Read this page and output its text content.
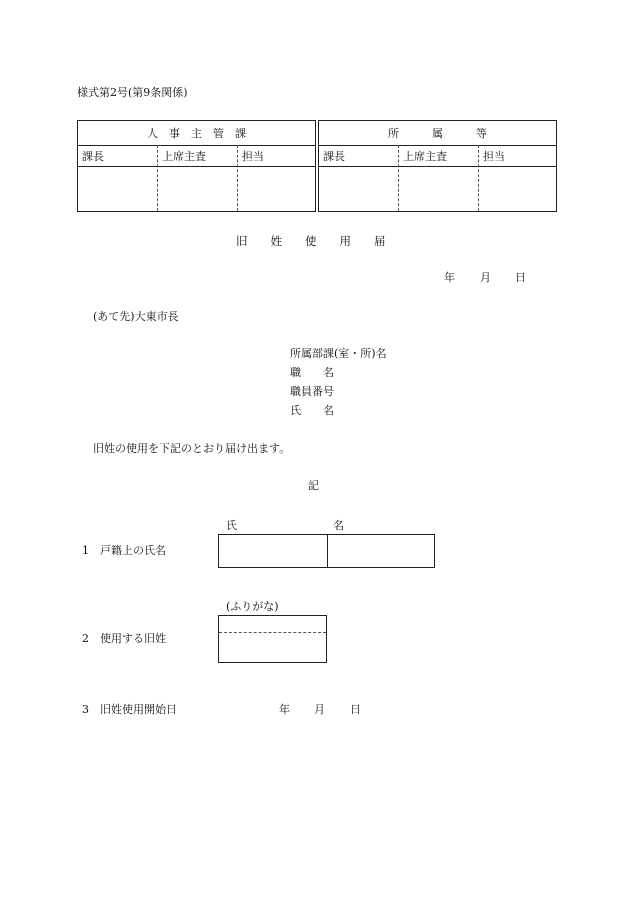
様式第2号(第9条関係)
人　事　主　管　課
課長	上席主査	担当
所　　　属　　　等
課長	上席主査	担当
旧　　姓　　使　　用　　届
年 月 日
(あて先)大東市長
所属部課(室・所)名
職　　名
職員番号
氏　　名
旧姓の使用を下記のとおり届け出ます。
記
氏	名
1 戸籍上の氏名
(ふりがな)
2 使用する旧姓
3 旧姓使用開始日	年 月 日
